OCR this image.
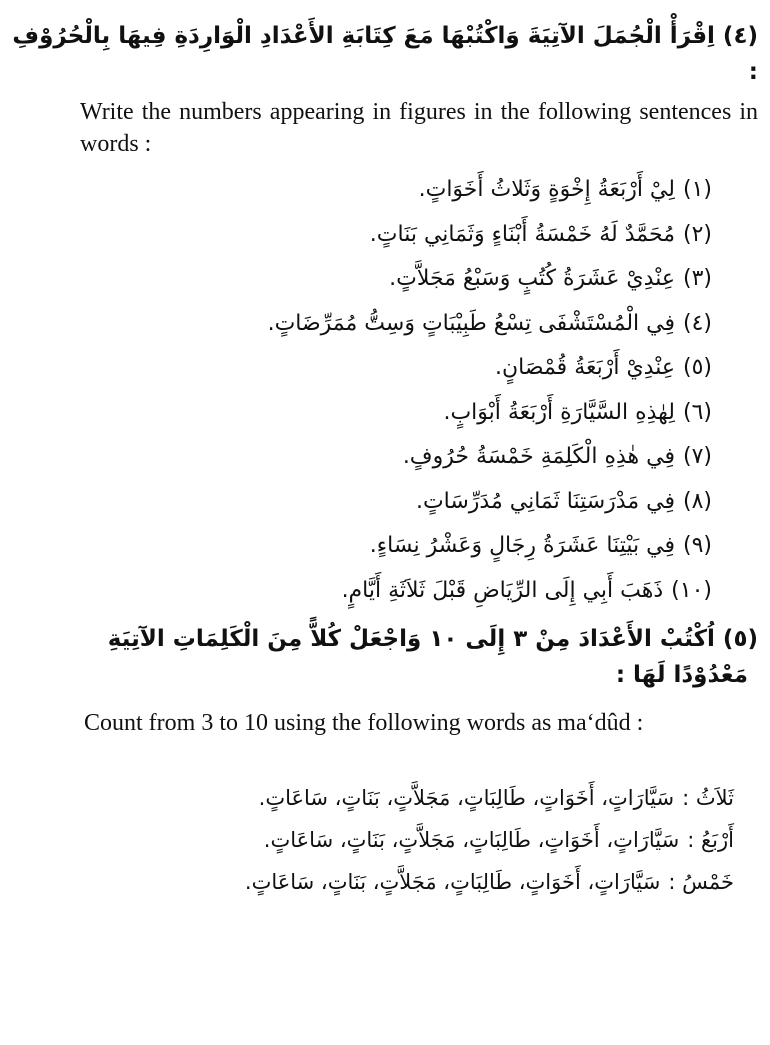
(٤) اِقْرَأْ الْجُمَلَ الآتِيَةَ وَاكْتُبْهَا مَعَ كِتَابَةِ الأَعْدَادِ الْوَارِدَةِ فِيهَا بِالْحُرُوْفِ :

Write the numbers appearing in figures in the following sentences in words :

(١)لِيْ أَرْبَعَةُ إِخْوَةٍ وَثَلاثُ أَخَوَاتٍ.
(٢)مُحَمَّدٌ لَهُ خَمْسَةُ أَبْنَاءٍ وَثَمَانِي بَنَاتٍ.
(٣)عِنْدِيْ عَشَرَةُ كُتُبٍ وَسَبْعُ مَجَلاَّتٍ.
(٤)فِي الْمُسْتَشْفَى تِسْعُ طَبِيْبَاتٍ وَسِتُّ مُمَرِّضَاتٍ.
(٥)عِنْدِيْ أَرْبَعَةُ قُمْصَانٍ.
(٦)لِهٰذِهِ السَّيَّارَةِ أَرْبَعَةُ أَبْوَابٍ.
(٧)فِي هٰذِهِ الْكَلِمَةِ خَمْسَةُ حُرُوفٍ.
(٨)فِي مَدْرَسَتِنَا ثَمَانِي مُدَرِّسَاتٍ.
(٩)فِي بَيْتِنَا عَشَرَةُ رِجَالٍ وَعَشْرُ نِسَاءٍ.
(١٠)ذَهَبَ أَبِي إِلَى الرِّيَاضِ قَبْلَ ثَلاَثَةِ أَيَّامٍ.
(٥) اُكْتُبْ الأَعْدَادَ مِنْ ٣ إِلَى ١٠ وَاجْعَلْ كُلاًّ مِنَ الْكَلِمَاتِ الآتِيَةِ
مَعْدُوْدًا لَهَا :

Count from 3 to 10 using the following words as ma‘dûd :

ثَلاَثُ :سَيَّارَاتٍ، أَخَوَاتٍ، طَالِبَاتٍ، مَجَلاَّتٍ، بَنَاتٍ، سَاعَاتٍ.
أَرْبَعُ :سَيَّارَاتٍ، أَخَوَاتٍ، طَالِبَاتٍ، مَجَلاَّتٍ، بَنَاتٍ، سَاعَاتٍ.
خَمْسُ :سَيَّارَاتٍ، أَخَوَاتٍ، طَالِبَاتٍ، مَجَلاَّتٍ، بَنَاتٍ، سَاعَاتٍ.
